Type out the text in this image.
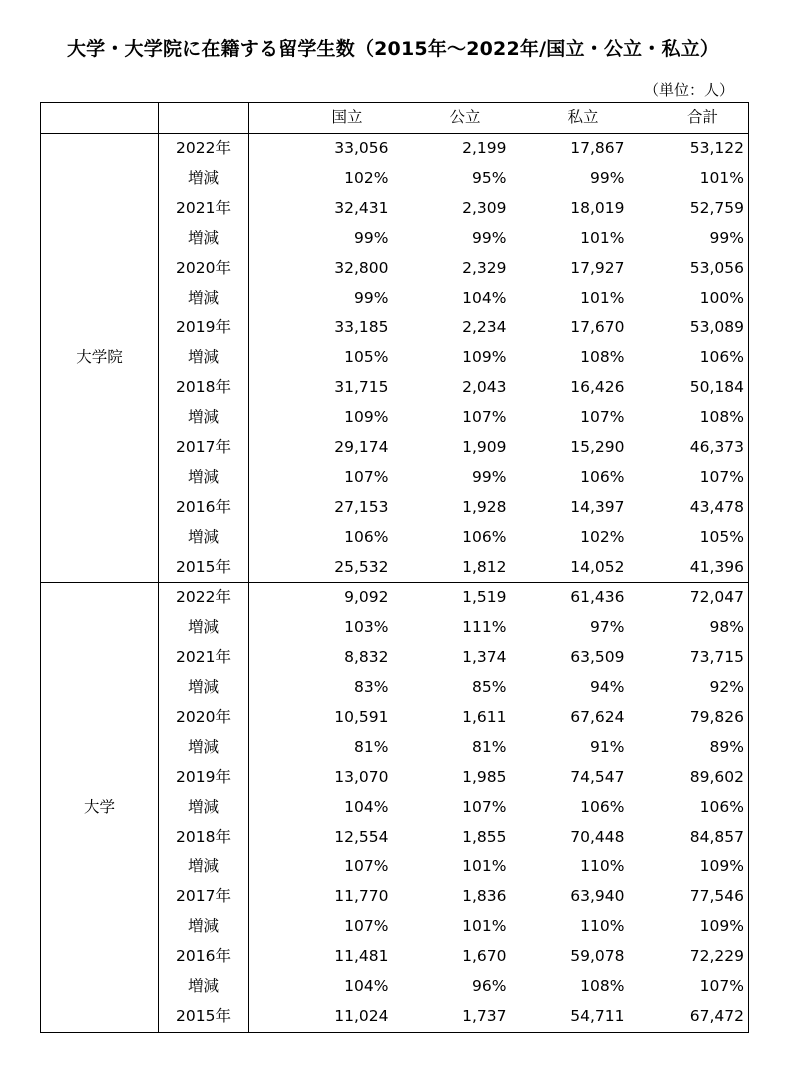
大学・大学院に在籍する留学生数（2015年〜2022年/国立・公立・私立）
（単位：人）
		国立	公立	私立	合計
大学院	2022年	33,056	2,199	17,867	53,122
	増減	102%	95%	99%	101%
	2021年	32,431	2,309	18,019	52,759
	増減	99%	99%	101%	99%
	2020年	32,800	2,329	17,927	53,056
	増減	99%	104%	101%	100%
	2019年	33,185	2,234	17,670	53,089
	増減	105%	109%	108%	106%
	2018年	31,715	2,043	16,426	50,184
	増減	109%	107%	107%	108%
	2017年	29,174	1,909	15,290	46,373
	増減	107%	99%	106%	107%
	2016年	27,153	1,928	14,397	43,478
	増減	106%	106%	102%	105%
	2015年	25,532	1,812	14,052	41,396
大学	2022年	9,092	1,519	61,436	72,047
	増減	103%	111%	97%	98%
	2021年	8,832	1,374	63,509	73,715
	増減	83%	85%	94%	92%
	2020年	10,591	1,611	67,624	79,826
	増減	81%	81%	91%	89%
	2019年	13,070	1,985	74,547	89,602
	増減	104%	107%	106%	106%
	2018年	12,554	1,855	70,448	84,857
	増減	107%	101%	110%	109%
	2017年	11,770	1,836	63,940	77,546
	増減	107%	101%	110%	109%
	2016年	11,481	1,670	59,078	72,229
	増減	104%	96%	108%	107%
	2015年	11,024	1,737	54,711	67,472
